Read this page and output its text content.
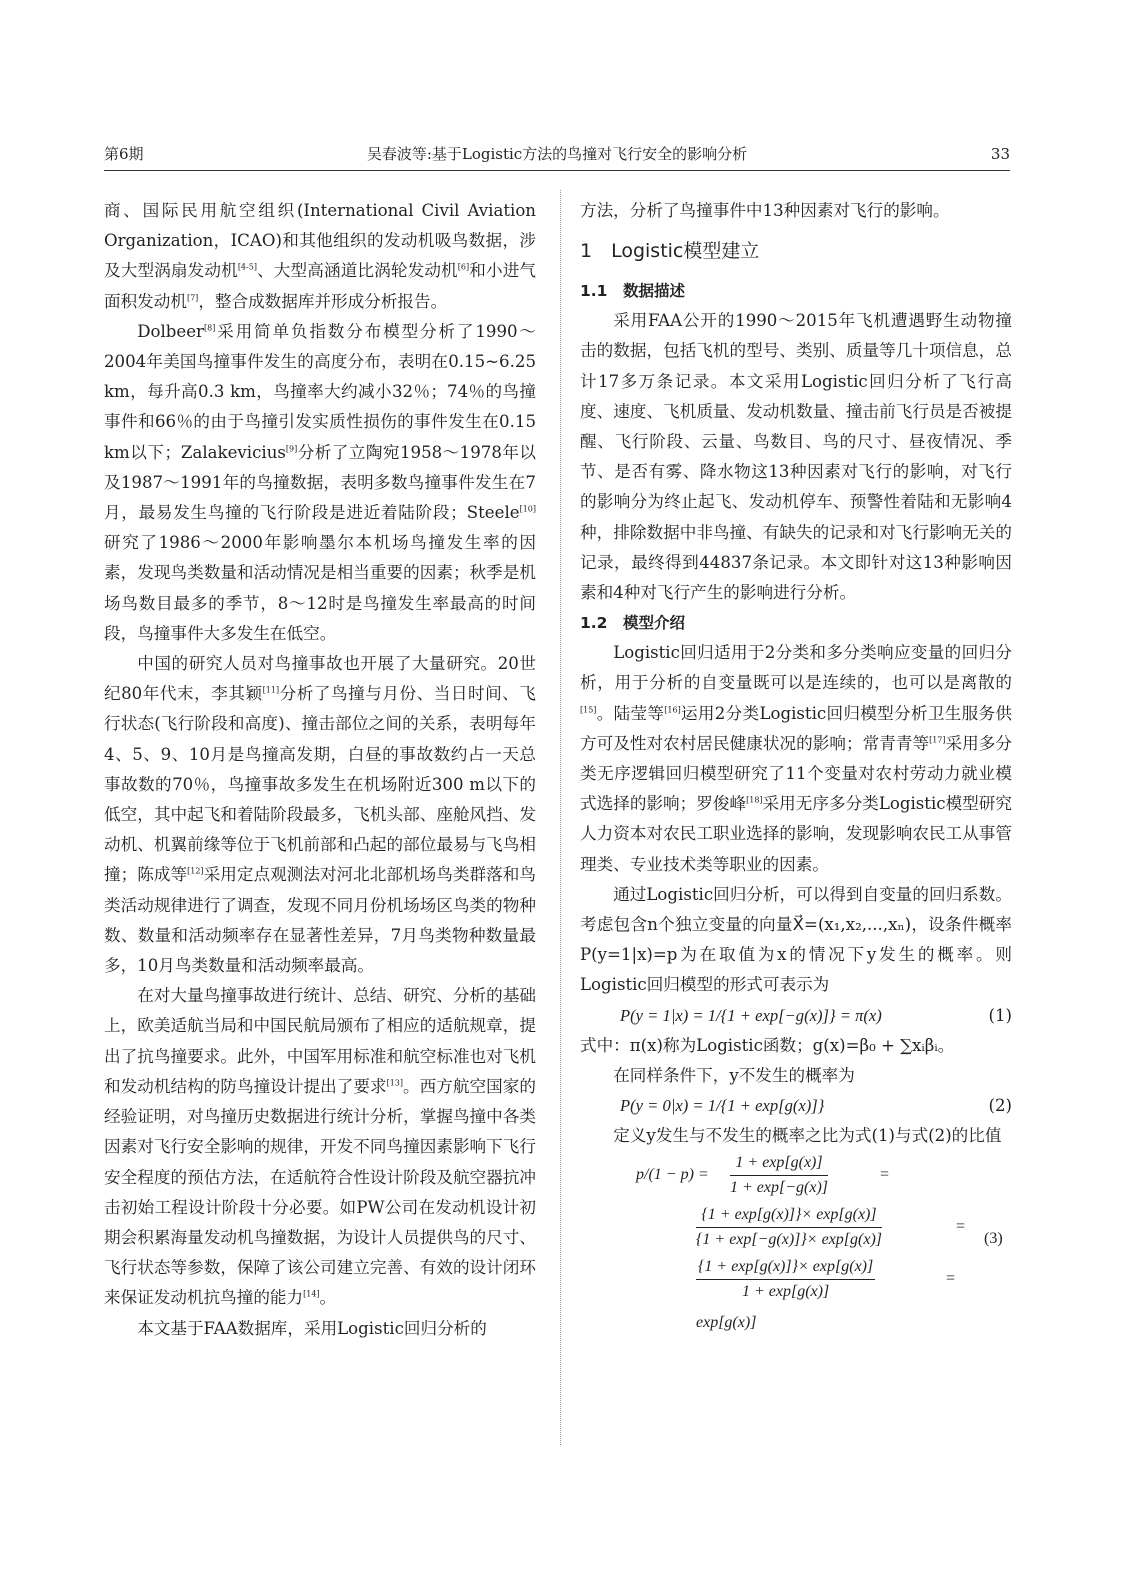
第6期	吴春波等:基于Logistic方法的鸟撞对飞行安全的影响分析	33

商、国际民用航空组织(International Civil Aviation Organization，ICAO)和其他组织的发动机吸鸟数据，涉及大型涡扇发动机[4-5]、大型高涵道比涡轮发动机[6]和小进气面积发动机[7]，整合成数据库并形成分析报告。

Dolbeer[8]采用简单负指数分布模型分析了1990～2004年美国鸟撞事件发生的高度分布，表明在0.15~6.25 km，每升高0.3 km，鸟撞率大约减小32％；74％的鸟撞事件和66％的由于鸟撞引发实质性损伤的事件发生在0.15 km以下；Zalakevicius[9]分析了立陶宛1958～1978年以及1987～1991年的鸟撞数据，表明多数鸟撞事件发生在7月，最易发生鸟撞的飞行阶段是进近着陆阶段；Steele[10]研究了1986～2000年影响墨尔本机场鸟撞发生率的因素，发现鸟类数量和活动情况是相当重要的因素；秋季是机场鸟数目最多的季节，8～12时是鸟撞发生率最高的时间段，鸟撞事件大多发生在低空。

中国的研究人员对鸟撞事故也开展了大量研究。20世纪80年代末，李其颖[11]分析了鸟撞与月份、当日时间、飞行状态(飞行阶段和高度)、撞击部位之间的关系，表明每年4、5、9、10月是鸟撞高发期，白昼的事故数约占一天总事故数的70％，鸟撞事故多发生在机场附近300 m以下的低空，其中起飞和着陆阶段最多，飞机头部、座舱风挡、发动机、机翼前缘等位于飞机前部和凸起的部位最易与飞鸟相撞；陈成等[12]采用定点观测法对河北北部机场鸟类群落和鸟类活动规律进行了调查，发现不同月份机场场区鸟类的物种数、数量和活动频率存在显著性差异，7月鸟类物种数量最多，10月鸟类数量和活动频率最高。

在对大量鸟撞事故进行统计、总结、研究、分析的基础上，欧美适航当局和中国民航局颁布了相应的适航规章，提出了抗鸟撞要求。此外，中国军用标准和航空标准也对飞机和发动机结构的防鸟撞设计提出了要求[13]。西方航空国家的经验证明，对鸟撞历史数据进行统计分析，掌握鸟撞中各类因素对飞行安全影响的规律，开发不同鸟撞因素影响下飞行安全程度的预估方法，在适航符合性设计阶段及航空器抗冲击初始工程设计阶段十分必要。如PW公司在发动机设计初期会积累海量发动机鸟撞数据，为设计人员提供鸟的尺寸、飞行状态等参数，保障了该公司建立完善、有效的设计闭环来保证发动机抗鸟撞的能力[14]。

本文基于FAA数据库，采用Logistic回归分析的

方法，分析了鸟撞事件中13种因素对飞行的影响。

1　Logistic模型建立
1.1　数据描述

采用FAA公开的1990～2015年飞机遭遇野生动物撞击的数据，包括飞机的型号、类别、质量等几十项信息，总计17多万条记录。本文采用Logistic回归分析了飞行高度、速度、飞机质量、发动机数量、撞击前飞行员是否被提醒、飞行阶段、云量、鸟数目、鸟的尺寸、昼夜情况、季节、是否有雾、降水物这13种因素对飞行的影响，对飞行的影响分为终止起飞、发动机停车、预警性着陆和无影响4种，排除数据中非鸟撞、有缺失的记录和对飞行影响无关的记录，最终得到44837条记录。本文即针对这13种影响因素和4种对飞行产生的影响进行分析。

1.2　模型介绍

Logistic回归适用于2分类和多分类响应变量的回归分析，用于分析的自变量既可以是连续的，也可以是离散的[15]。陆莹等[16]运用2分类Logistic回归模型分析卫生服务供方可及性对农村居民健康状况的影响；常青青等[17]采用多分类无序逻辑回归模型研究了11个变量对农村劳动力就业模式选择的影响；罗俊峰[18]采用无序多分类Logistic模型研究人力资本对农民工职业选择的影响，发现影响农民工从事管理类、专业技术类等职业的因素。

通过Logistic回归分析，可以得到自变量的回归系数。考虑包含n个独立变量的向量X⃗=(x₁,x₂,...,xₙ)，设条件概率P(y=1|x)=p为在取值为x的情况下y发生的概率。则Logistic回归模型的形式可表示为

P(y = 1|x) = 1/{1 + exp[−g(x)]} = π(x)	(1)

式中：π(x)称为Logistic函数；g(x)=β₀ + ∑xᵢβᵢ。

在同样条件下，y不发生的概率为

P(y = 0|x) = 1/{1 + exp[g(x)]}	(2)

定义y发生与不发生的概率之比为式(1)与式(2)的比值

$p/(1 - p) = \frac{1 + \exp[g(x)]}{1 + \exp[-g(x)]}$	=
$\frac{\{1 + \exp[g(x)]\}\times \exp[g(x)]}{\{1 + \exp[-g(x)]\}\times \exp[g(x)]}$	=
(3)
$\frac{\{1 + \exp[g(x)]\}\times \exp[g(x)]}{1 + \exp[g(x)]}$	=
exp[g(x)]
